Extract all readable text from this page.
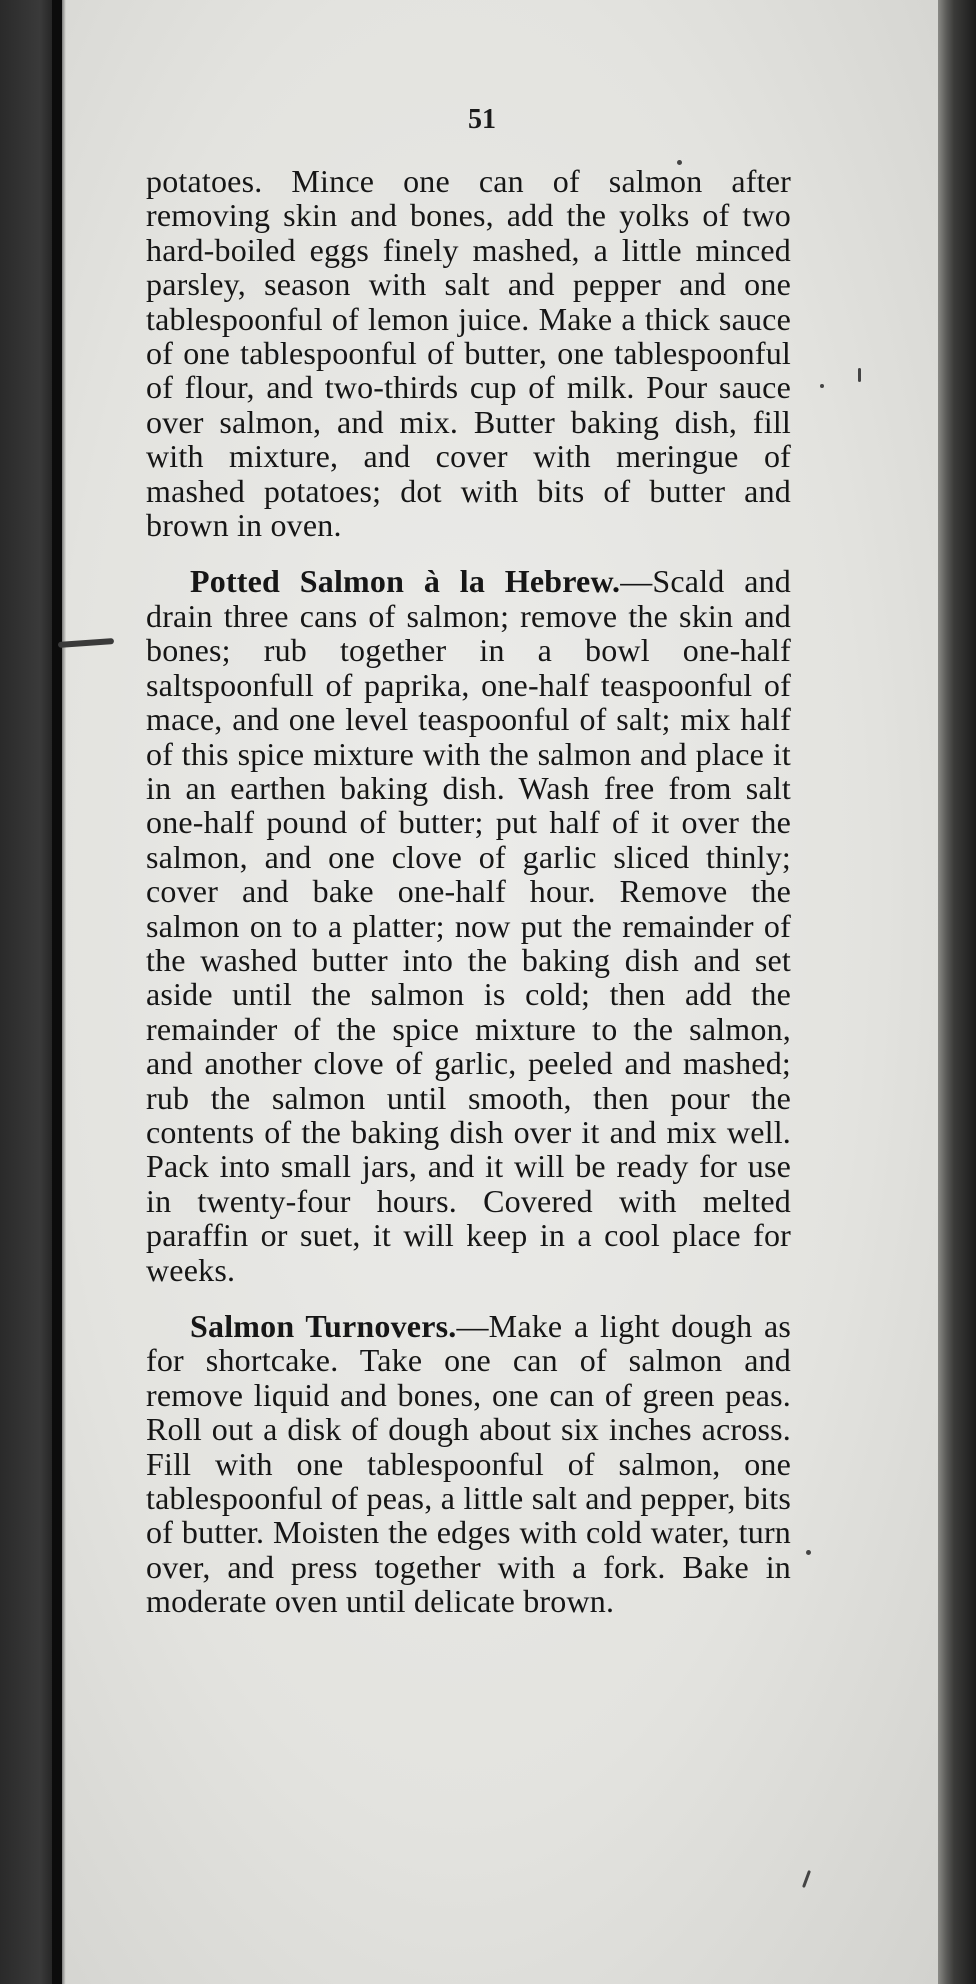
51

potatoes. Mince one can of salmon after removing skin and bones, add the yolks of two hard-boiled eggs finely mashed, a little minced parsley, season with salt and pepper and one tablespoonful of lemon juice. Make a thick sauce of one tablespoonful of butter, one tablespoonful of flour, and two-thirds cup of milk. Pour sauce over salmon, and mix. Butter baking dish, fill with mixture, and cover with meringue of mashed potatoes; dot with bits of butter and brown in oven.

Potted Salmon à la Hebrew.—Scald and drain three cans of salmon; remove the skin and bones; rub together in a bowl one-half saltspoonfull of paprika, one-half teaspoonful of mace, and one level teaspoonful of salt; mix half of this spice mixture with the salmon and place it in an earthen baking dish. Wash free from salt one-half pound of butter; put half of it over the salmon, and one clove of garlic sliced thinly; cover and bake one-half hour. Remove the salmon on to a platter; now put the remainder of the washed butter into the baking dish and set aside until the salmon is cold; then add the remainder of the spice mixture to the salmon, and another clove of garlic, peeled and mashed; rub the salmon until smooth, then pour the contents of the baking dish over it and mix well. Pack into small jars, and it will be ready for use in twenty-four hours. Covered with melted paraffin or suet, it will keep in a cool place for weeks.

Salmon Turnovers.—Make a light dough as for shortcake. Take one can of salmon and remove liquid and bones, one can of green peas. Roll out a disk of dough about six inches across. Fill with one tablespoonful of salmon, one tablespoonful of peas, a little salt and pepper, bits of butter. Moisten the edges with cold water, turn over, and press together with a fork. Bake in moderate oven until delicate brown.
